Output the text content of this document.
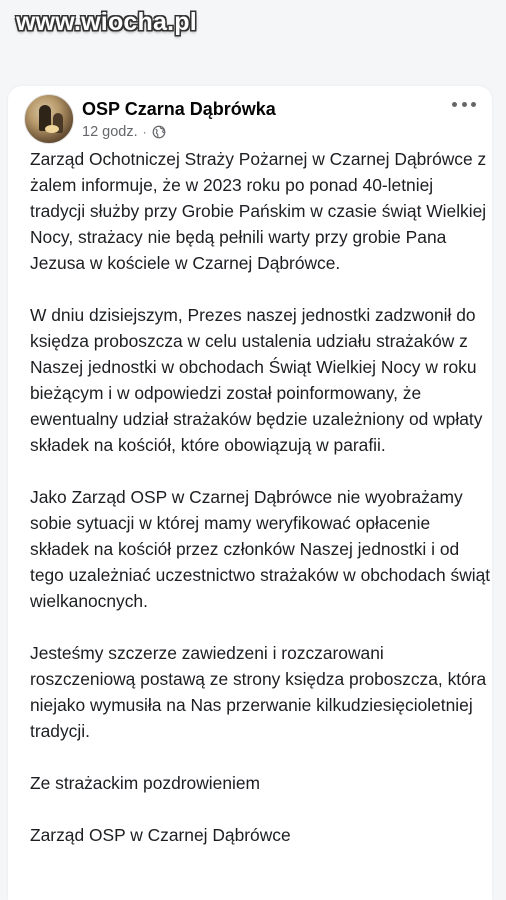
www.wiocha.pl
OSP Czarna Dąbrówka
12 godz. ·

Zarząd Ochotniczej Straży Pożarnej w Czarnej Dąbrówce z żalem informuje, że w 2023 roku po ponad 40-letniej tradycji służby przy Grobie Pańskim w czasie świąt Wielkiej Nocy, strażacy nie będą pełnili warty przy grobie Pana Jezusa w kościele w Czarnej Dąbrówce.

W dniu dzisiejszym, Prezes naszej jednostki zadzwonił do księdza proboszcza w celu ustalenia udziału strażaków z Naszej jednostki w obchodach Świąt Wielkiej Nocy w roku bieżącym i w odpowiedzi został poinformowany, że ewentualny udział strażaków będzie uzależniony od wpłaty składek na kościół, które obowiązują w parafii.

Jako Zarząd OSP w Czarnej Dąbrówce nie wyobrażamy sobie sytuacji w której mamy weryfikować opłacenie składek na kościół przez członków Naszej jednostki i od tego uzależniać uczestnictwo strażaków w obchodach świąt wielkanocnych.

Jesteśmy szczerze zawiedzeni i rozczarowani roszczeniową postawą ze strony księdza proboszcza, która niejako wymusiła na Nas przerwanie kilkudziesięcioletniej tradycji.

Ze strażackim pozdrowieniem

Zarząd OSP w Czarnej Dąbrówce
